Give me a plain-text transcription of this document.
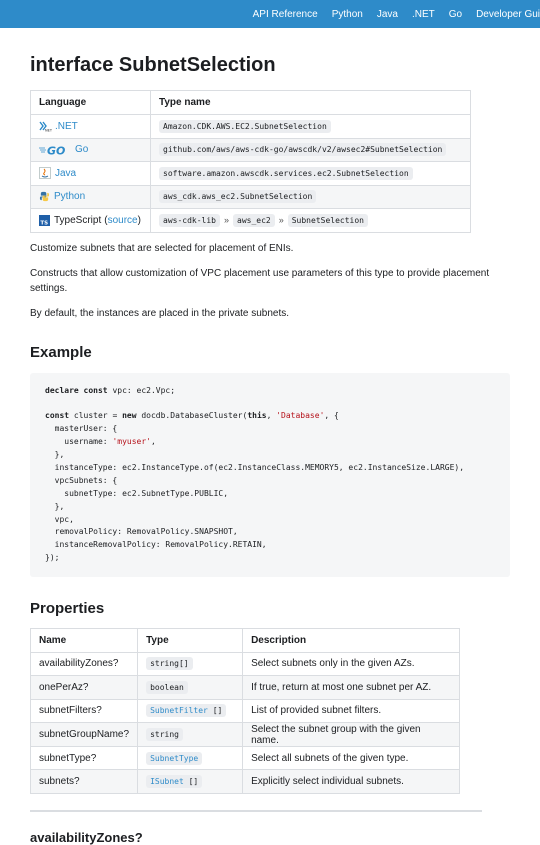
API Reference Python Java .NET Go Developer Gui
interface SubnetSelection
Language	Type name

NET .NET	Amazon.CDK.AWS.EC2.SubnetSelection

GO Go	github.com/aws/aws-cdk-go/awscdk/v2/awsec2#SubnetSelection

Java	software.amazon.awscdk.services.ec2.SubnetSelection

Python	aws_cdk.aws_ec2.SubnetSelection

TS TypeScript ( source )	aws-cdk-lib » aws_ec2 » SubnetSelection

Customize subnets that are selected for placement of ENIs.

Constructs that allow customization of VPC placement use parameters of this type to provide placement settings.

By default, the instances are placed in the private subnets.

Example
declare const vpc: ec2.Vpc;

const cluster = new docdb.DatabaseCluster(this, 'Database', {
masterUser: {
username: 'myuser',
},
instanceType: ec2.InstanceType.of(ec2.InstanceClass.MEMORY5, ec2.InstanceSize.LARGE),
vpcSubnets: {
subnetType: ec2.SubnetType.PUBLIC,
},
vpc,
removalPolicy: RemovalPolicy.SNAPSHOT,
instanceRemovalPolicy: RemovalPolicy.RETAIN,
});
Properties
Name	Type	Description
availabilityZones?	string[]	Select subnets only in the given AZs.
onePerAz?	boolean	If true, return at most one subnet per AZ.
subnetFilters?	SubnetFilter []	List of provided subnet filters.
subnetGroupName?	string	Select the subnet group with the given name.
subnetType?	SubnetType	Select all subnets of the given type.
subnets?	ISubnet []	Explicitly select individual subnets.
availabilityZones?
